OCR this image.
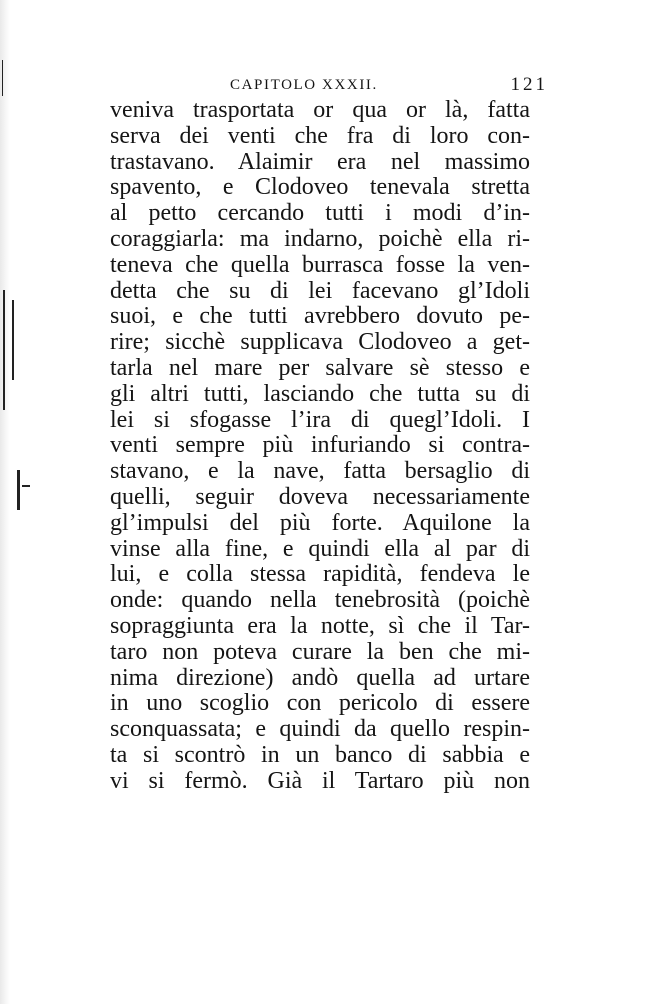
CAPITOLO XXXII.	121
veniva trasportata or qua or là, fatta
serva dei venti che fra di loro con-
trastavano. Alaimir era nel massimo
spavento, e Clodoveo tenevala stretta
al petto cercando tutti i modi d’in-
coraggiarla: ma indarno, poichè ella ri-
teneva che quella burrasca fosse la ven-
detta che su di lei facevano gl’Idoli
suoi, e che tutti avrebbero dovuto pe-
rire; sicchè supplicava Clodoveo a get-
tarla nel mare per salvare sè stesso e
gli altri tutti, lasciando che tutta su di
lei si sfogasse l’ira di quegl’Idoli. I
venti sempre più infuriando si contra-
stavano, e la nave, fatta bersaglio di
quelli, seguir doveva necessariamente
gl’impulsi del più forte. Aquilone la
vinse alla fine, e quindi ella al par di
lui, e colla stessa rapidità, fendeva le
onde: quando nella tenebrosità (poichè
sopraggiunta era la notte, sì che il Tar-
taro non poteva curare la ben che mi-
nima direzione) andò quella ad urtare
in uno scoglio con pericolo di essere
sconquassata; e quindi da quello respin-
ta si scontrò in un banco di sabbia e
vi si fermò. Già il Tartaro più non
